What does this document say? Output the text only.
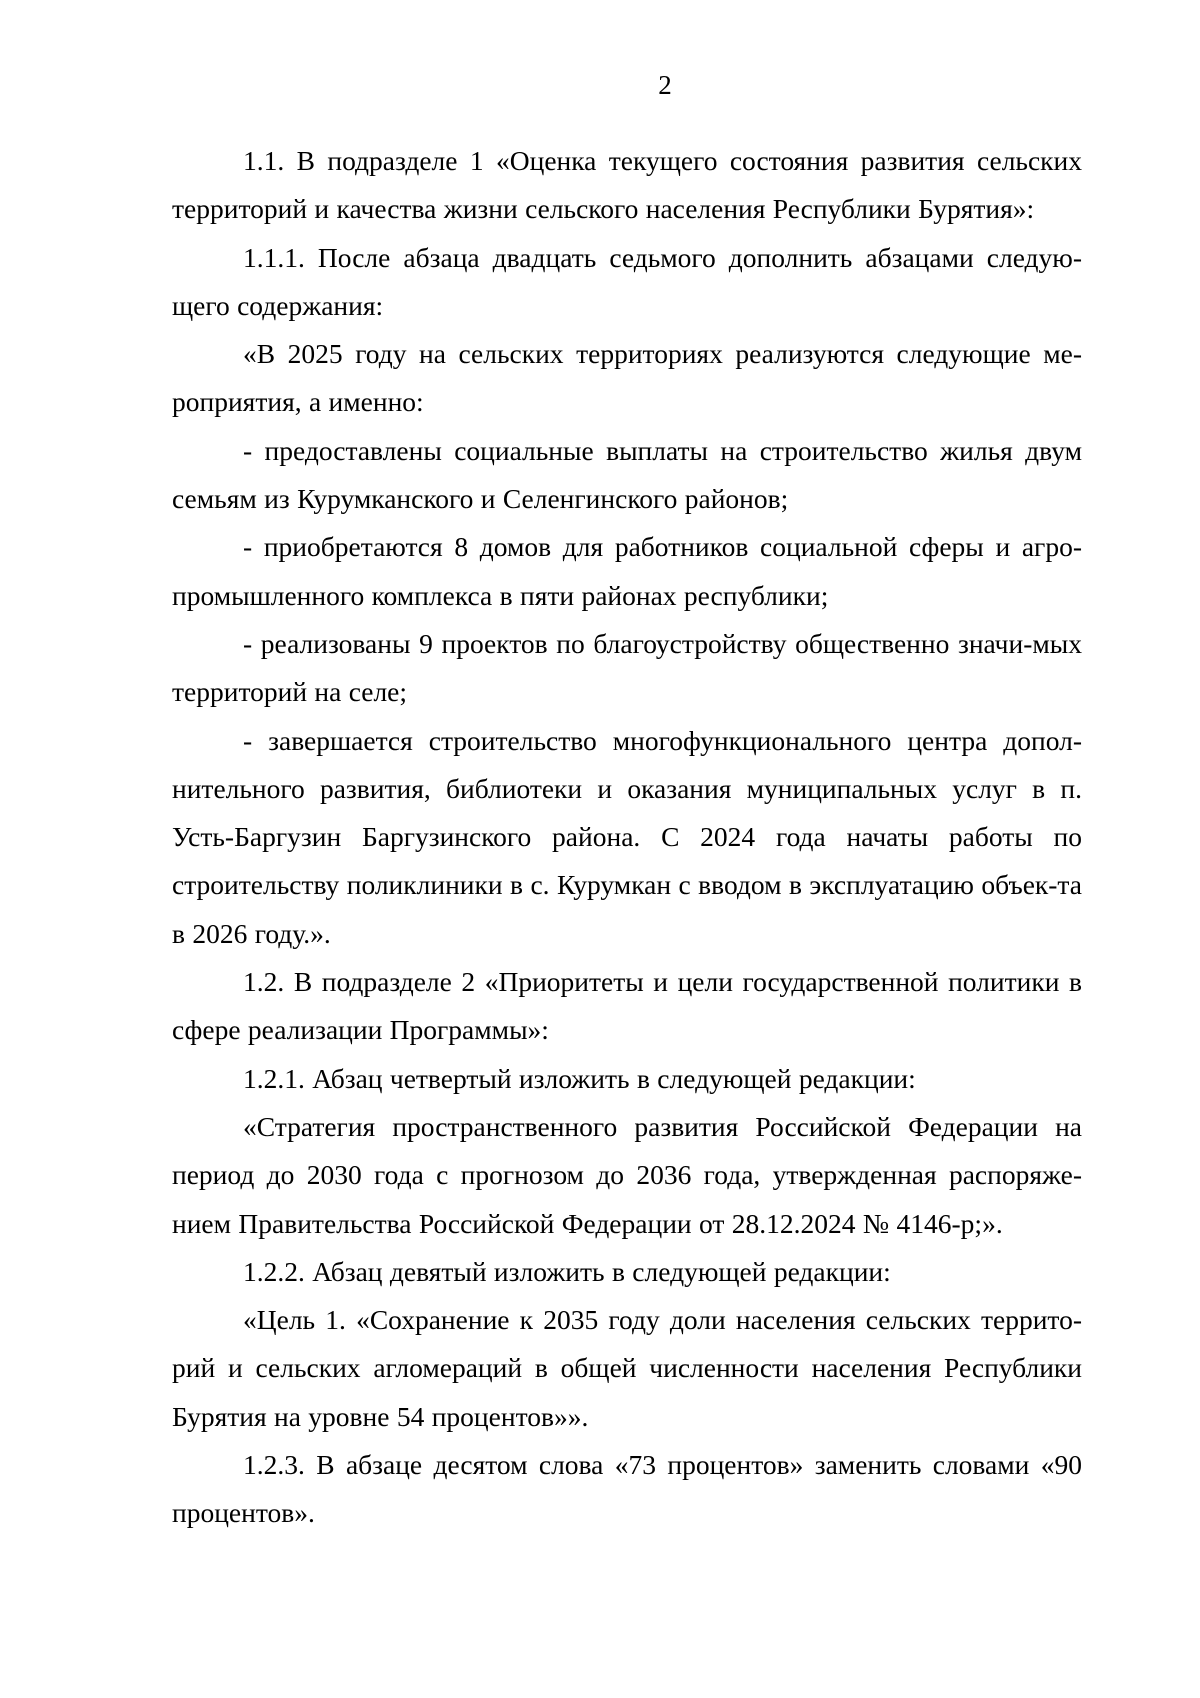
2

1.1. В подразделе 1 «Оценка текущего состояния развития сельских территорий и качества жизни сельского населения Республики Бурятия»:

1.1.1. После абзаца двадцать седьмого дополнить абзацами следую-щего содержания:

«В 2025 году на сельских территориях реализуются следующие ме-роприятия, а именно:

- предоставлены социальные выплаты на строительство жилья двум семьям из Курумканского и Селенгинского районов;

- приобретаются 8 домов для работников социальной сферы и агро-промышленного комплекса в пяти районах республики;

- реализованы 9 проектов по благоустройству общественно значи-мых территорий на селе;

- завершается строительство многофункционального центра допол-нительного развития, библиотеки и оказания муниципальных услуг в п. Усть-Баргузин Баргузинского района. С 2024 года начаты работы по строительству поликлиники в с. Курумкан с вводом в эксплуатацию объек-та в 2026 году.».

1.2. В подразделе 2 «Приоритеты и цели государственной политики в сфере реализации Программы»:

1.2.1. Абзац четвертый изложить в следующей редакции:

«Стратегия пространственного развития Российской Федерации на период до 2030 года с прогнозом до 2036 года, утвержденная распоряже-нием Правительства Российской Федерации от 28.12.2024 № 4146-р;».

1.2.2. Абзац девятый изложить в следующей редакции:

«Цель 1. «Сохранение к 2035 году доли населения сельских террито-рий и сельских агломераций в общей численности населения Республики Бурятия на уровне 54 процентов»».

1.2.3. В абзаце десятом слова «73 процентов» заменить словами «90 процентов».
